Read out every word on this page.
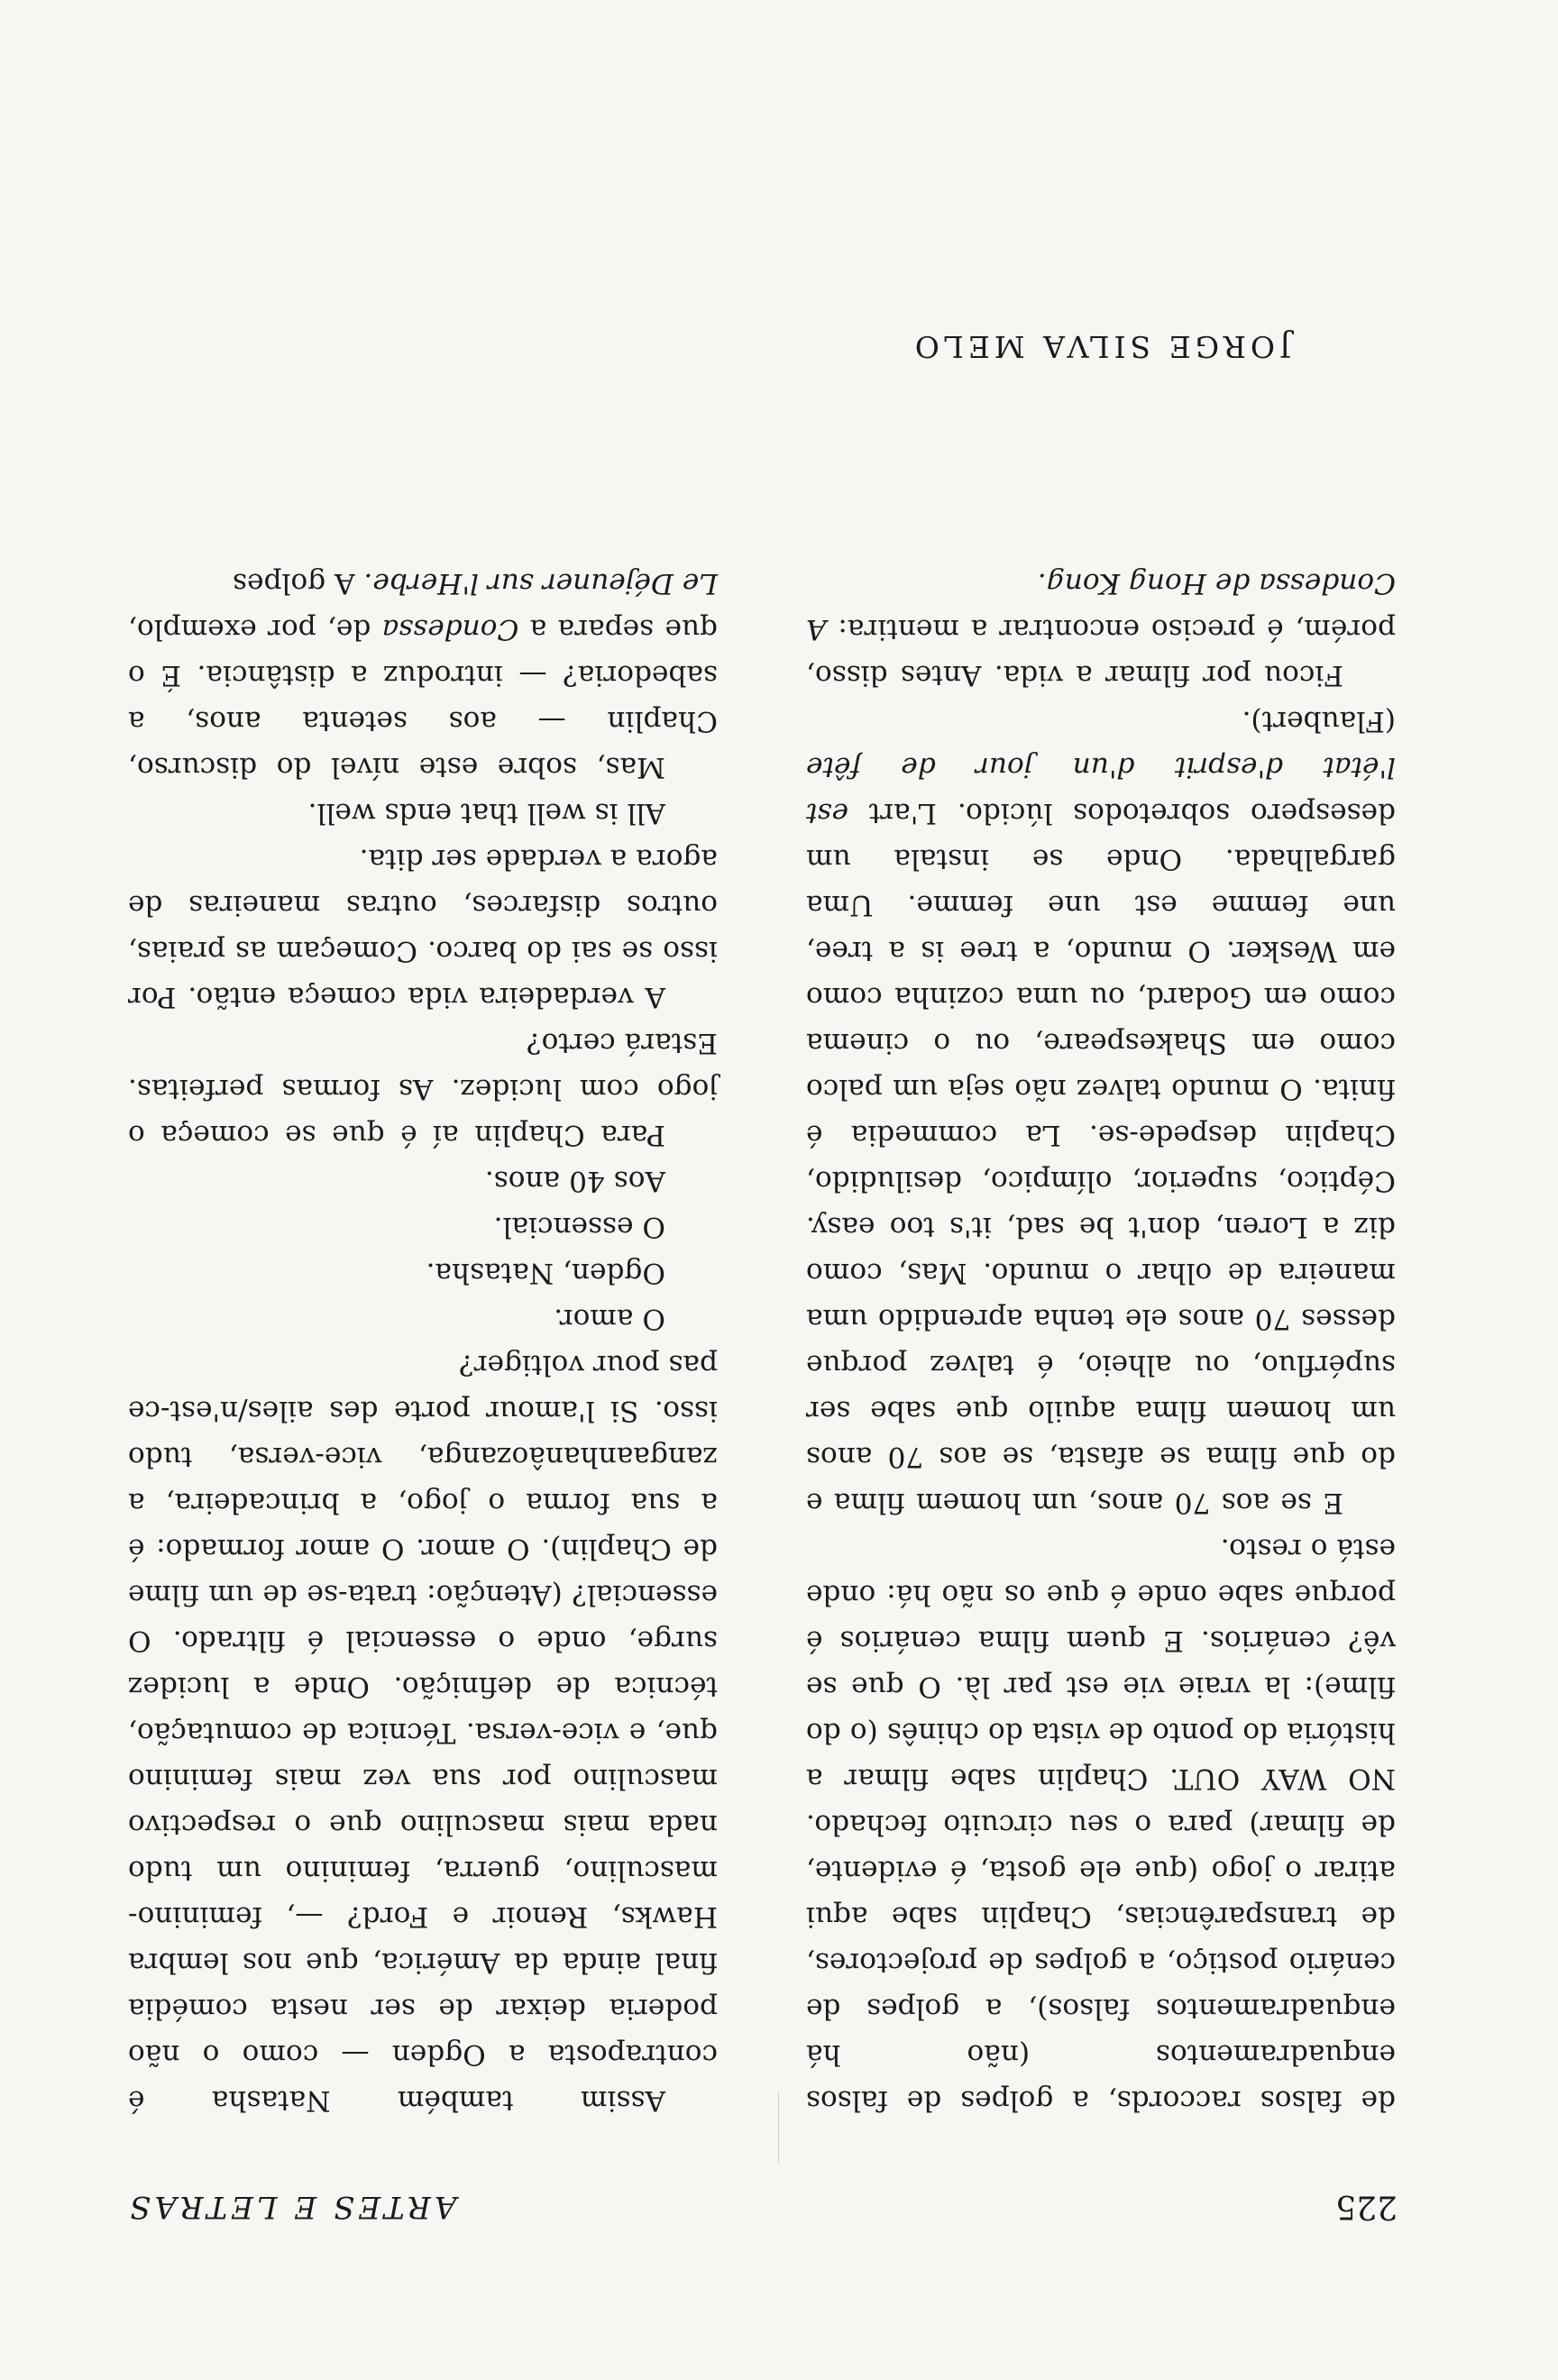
225
ARTES E LETRAS

de falsos raccords, a golpes de falsos enquadramentos (não há enquadramentos falsos), a golpes de cenário postiço, a golpes de projectores, de transparências, Chaplin sabe aqui atirar o jogo (que ele gosta, é evidente, de filmar) para o seu circuito fechado. NO WAY OUT. Chaplin sabe filmar a história do ponto de vista do chinês (o do filme): la vraie vie est par là. O que se vê? cenários. E quem filma cenários é porque sabe onde é que os não há: onde está o resto.

E se aos 70 anos, um homem filma e do que filma se afasta, se aos 70 anos um homem filma aquilo que sabe ser supérfluo, ou alheio, é talvez porque desses 70 anos ele tenha aprendido uma maneira de olhar o mundo. Mas, como diz a Loren, don't be sad, it's too easy. Céptico, superior, olímpico, desiludido, Chaplin despede-se. La commedia é finita. O mundo talvez não seja um palco como em Shakespeare, ou o cinema como em Godard, ou uma cozinha como em Wesker. O mundo, a tree is a tree, une femme est une femme. Uma gargalhada. Onde se instala um desespero sobretodos lúcido. L'art est l'état d'esprit d'un jour de fête (Flaubert).

Ficou por filmar a vida. Antes disso, porém, é preciso encontrar a mentira: A Condessa de Hong Kong.

JORGE SILVA MELO

Assim também Natasha é contraposta a Ogden — como o não poderia deixar de ser nesta comédia final ainda da América, que nos lembra Hawks, Renoir e Ford? —, feminino-masculino, guerra, feminino um tudo nada mais masculino que o respectivo masculino por sua vez mais feminino que, e vice-versa. Técnica de comutação, técnica de definição. Onde a lucidez surge, onde o essencial é filtrado. O essencial? (Atenção: trata-se de um filme de Chaplin). O amor. O amor formado: é a sua forma o jogo, a brincadeira, a zangaanhanâozanga, vice-versa, tudo isso. Si l'amour porte des ailes/n'est-ce pas pour voltiger?

O amor.

Ogden, Natasha.

O essencial.

Aos 40 anos.

Para Chaplin aí é que se começa o jogo com lucidez. As formas perfeitas. Estará certo?

A verdadeira vida começa então. Por isso se sai do barco. Começam as praias, outros disfarces, outras maneiras de agora a verdade ser dita.

All is well that ends well.

Mas, sobre este nível do discurso, Chaplin — aos setenta anos, a sabedoria? — introduz a distância. É o que separa a Condessa de, por exemplo, Le Déjeuner sur l'Herbe. A golpes
